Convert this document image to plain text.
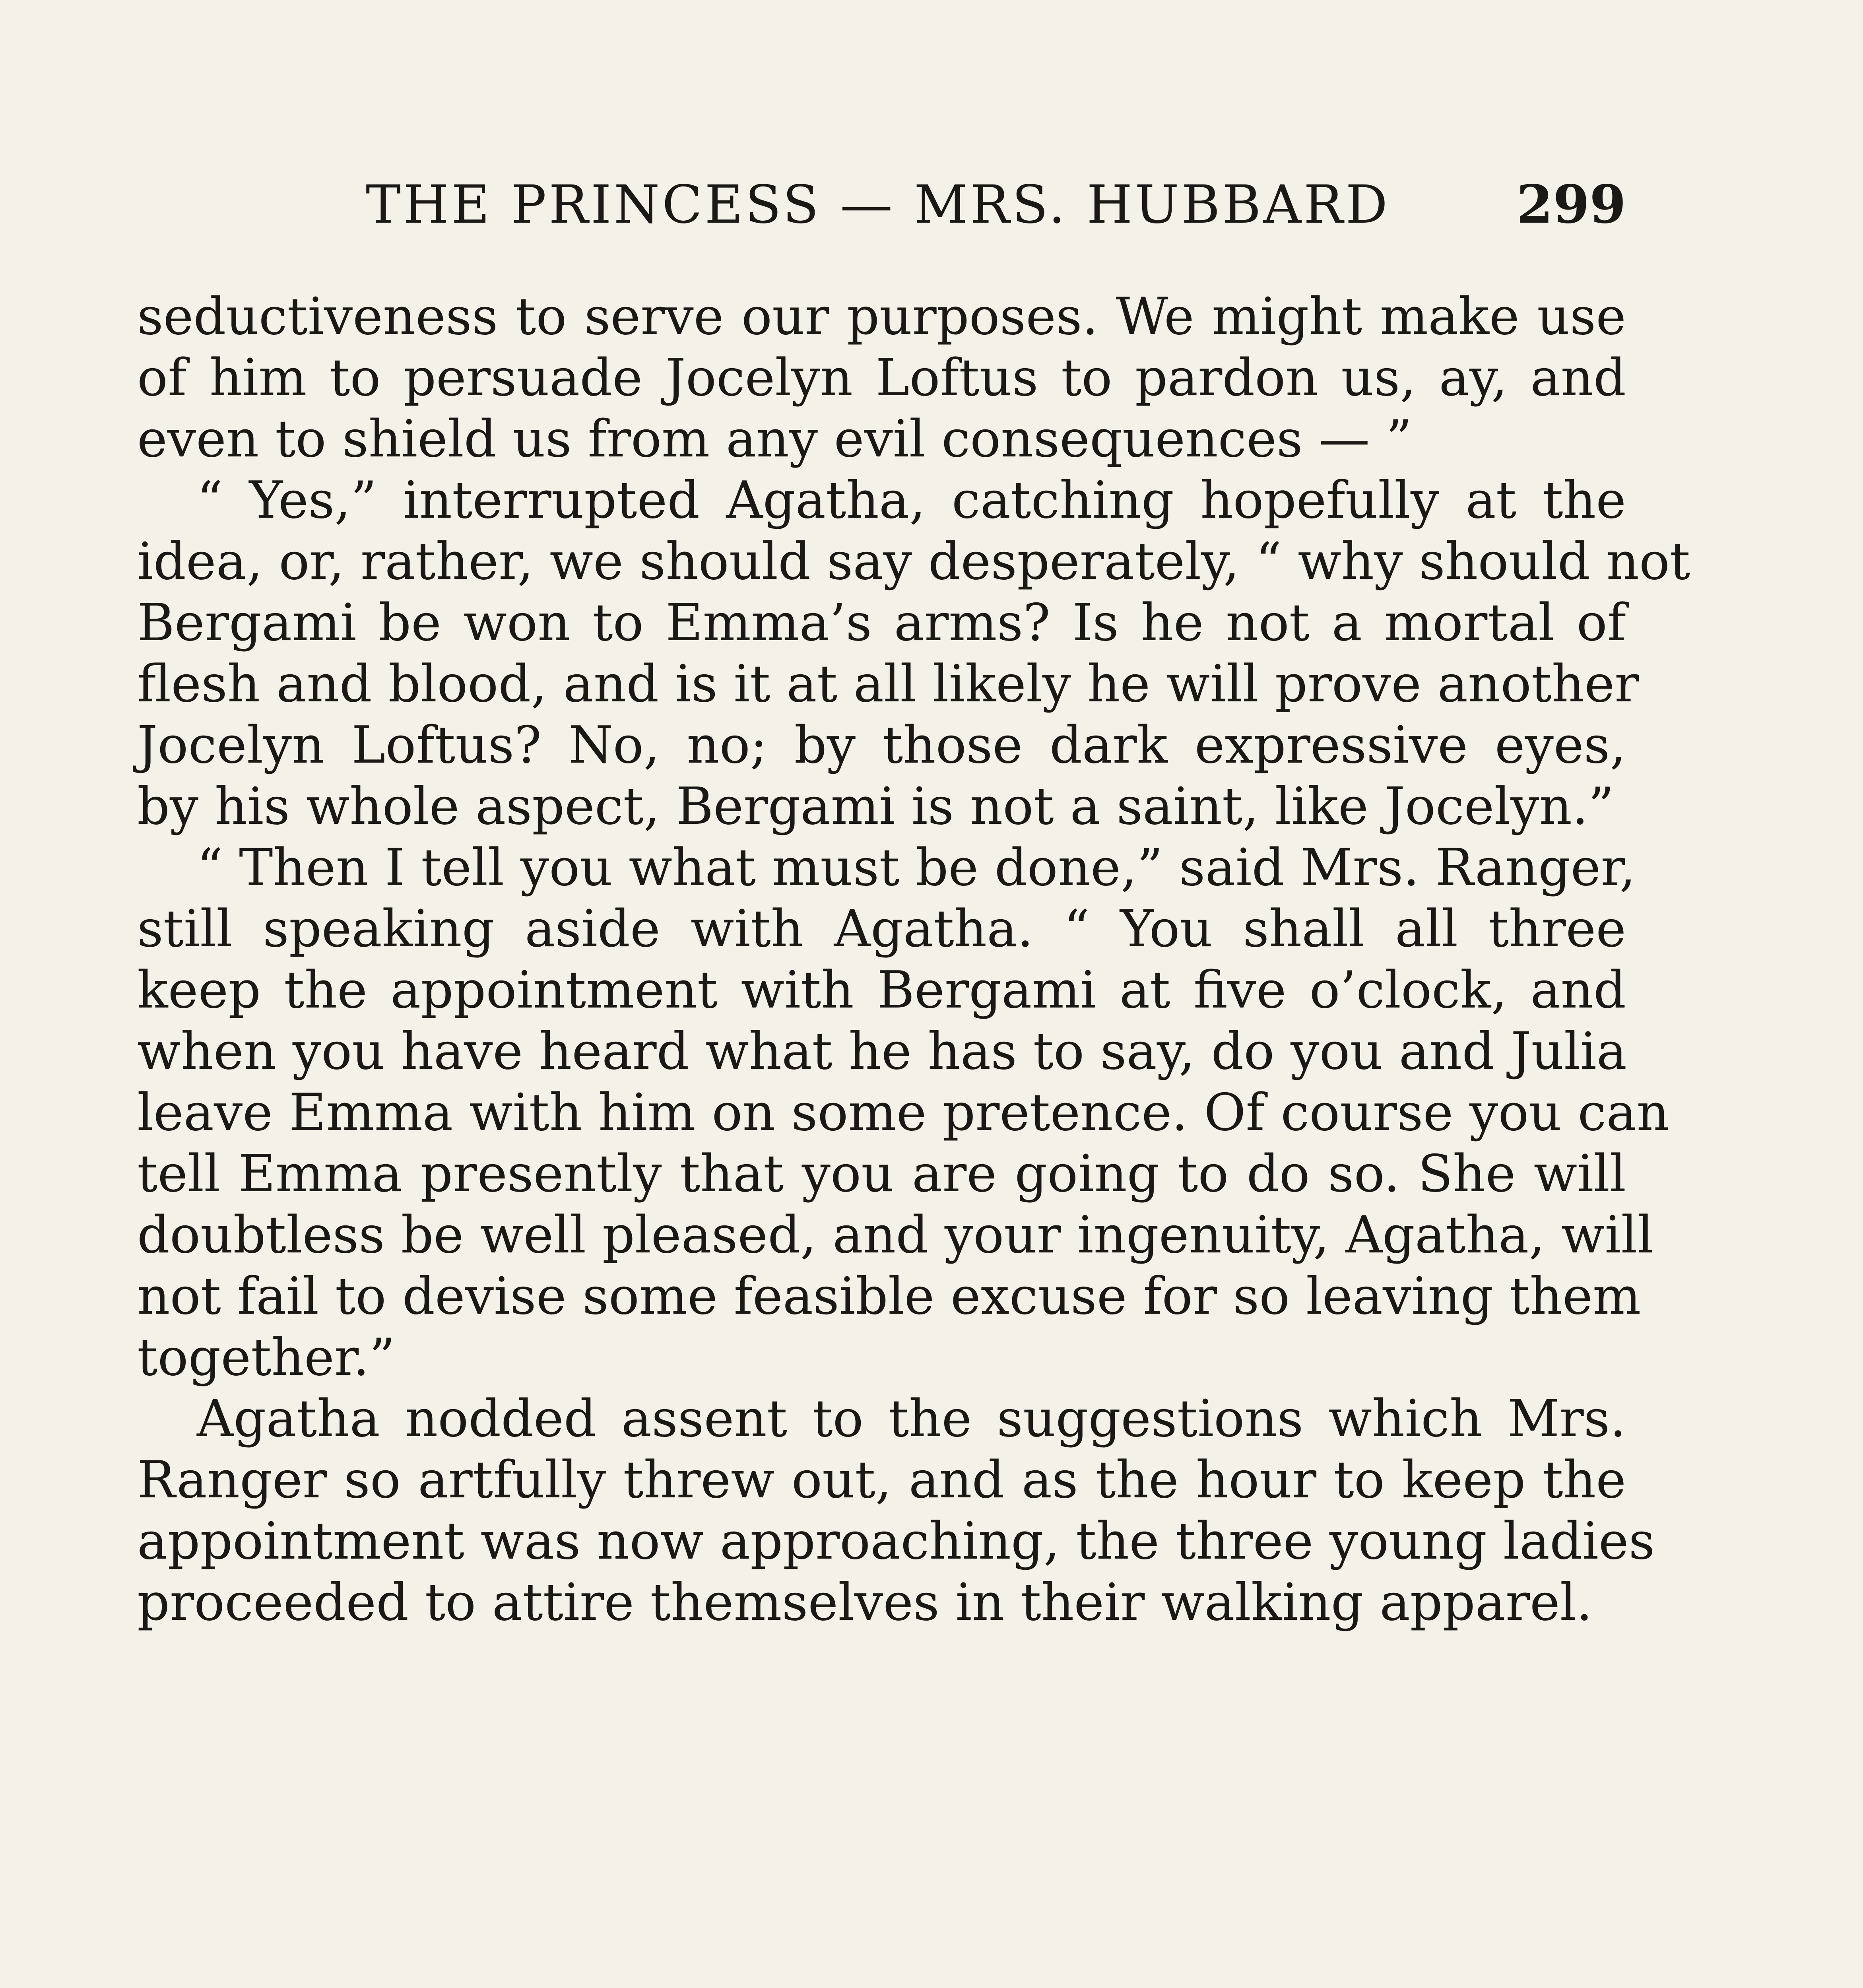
THE PRINCESS — MRS. HUBBARD 299
seductiveness to serve our purposes. We might make use
of him to persuade Jocelyn Loftus to pardon us, ay, and
even to shield us from any evil consequences — ”
“ Yes,” interrupted Agatha, catching hopefully at the
idea, or, rather, we should say desperately, “ why should not
Bergami be won to Emma’s arms? Is he not a mortal of
flesh and blood, and is it at all likely he will prove another
Jocelyn Loftus? No, no; by those dark expressive eyes,
by his whole aspect, Bergami is not a saint, like Jocelyn.”
“ Then I tell you what must be done,” said Mrs. Ranger,
still speaking aside with Agatha. “ You shall all three
keep the appointment with Bergami at five o’clock, and
when you have heard what he has to say, do you and Julia
leave Emma with him on some pretence. Of course you can
tell Emma presently that you are going to do so. She will
doubtless be well pleased, and your ingenuity, Agatha, will
not fail to devise some feasible excuse for so leaving them
together.”
Agatha nodded assent to the suggestions which Mrs.
Ranger so artfully threw out, and as the hour to keep the
appointment was now approaching, the three young ladies
proceeded to attire themselves in their walking apparel.
